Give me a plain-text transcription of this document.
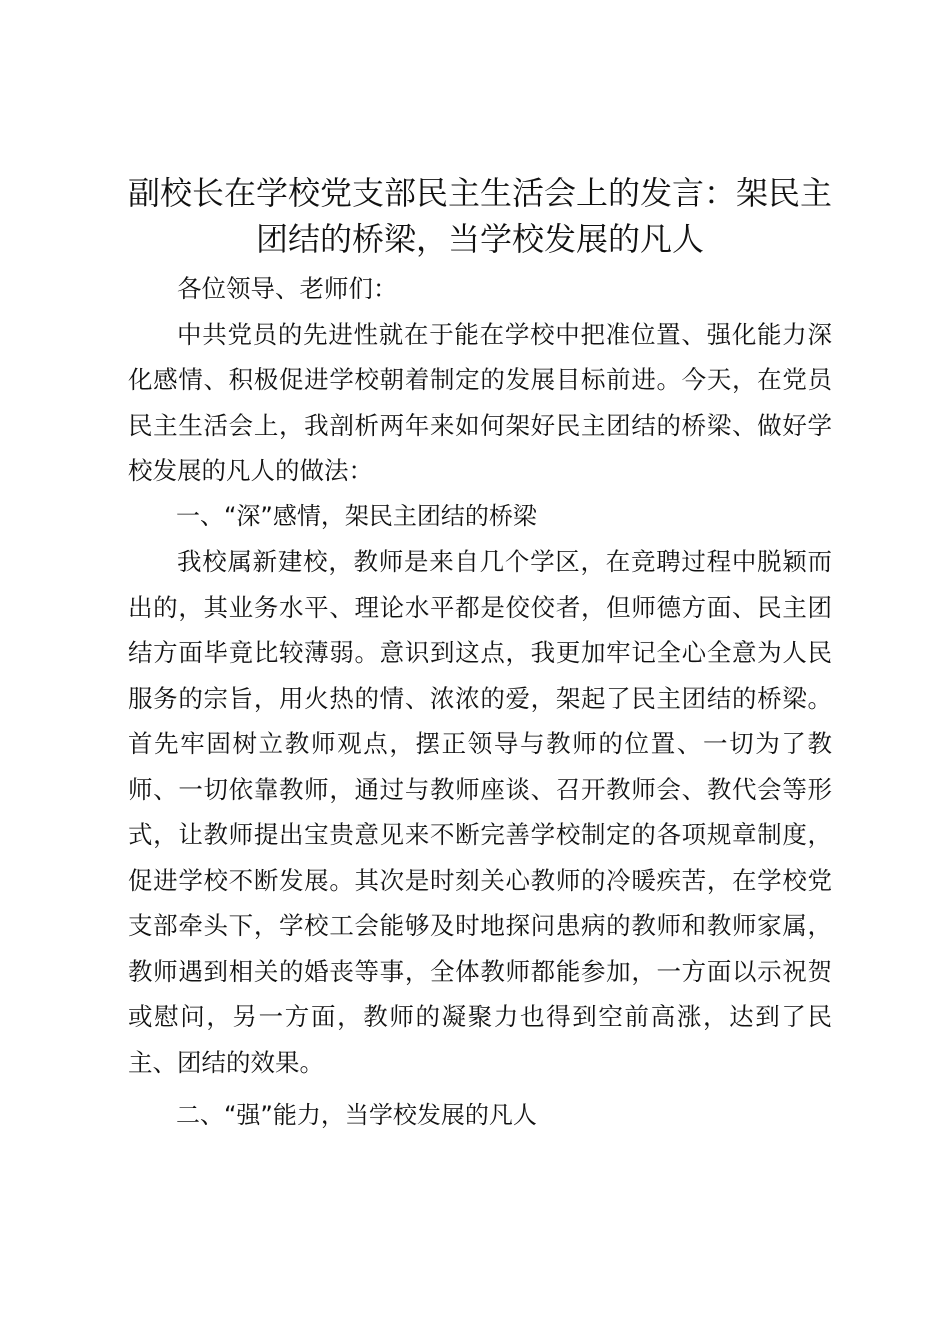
副校长在学校党支部民主生活会上的发言：架民主团结的桥梁，当学校发展的凡人

各位领导、老师们：

中共党员的先进性就在于能在学校中把准位置、强化能力深化感情、积极促进学校朝着制定的发展目标前进。今天，在党员民主生活会上，我剖析两年来如何架好民主团结的桥梁、做好学校发展的凡人的做法：

一、“深”感情，架民主团结的桥梁

我校属新建校，教师是来自几个学区，在竞聘过程中脱颖而出的，其业务水平、理论水平都是佼佼者，但师德方面、民主团结方面毕竟比较薄弱。意识到这点，我更加牢记全心全意为人民服务的宗旨，用火热的情、浓浓的爱，架起了民主团结的桥梁。首先牢固树立教师观点，摆正领导与教师的位置、一切为了教师、一切依靠教师，通过与教师座谈、召开教师会、教代会等形式，让教师提出宝贵意见来不断完善学校制定的各项规章制度，促进学校不断发展。其次是时刻关心教师的冷暖疾苦，在学校党支部牵头下，学校工会能够及时地探问患病的教师和教师家属，教师遇到相关的婚丧等事，全体教师都能参加，一方面以示祝贺或慰问，另一方面，教师的凝聚力也得到空前高涨，达到了民主、团结的效果。

二、“强”能力，当学校发展的凡人
